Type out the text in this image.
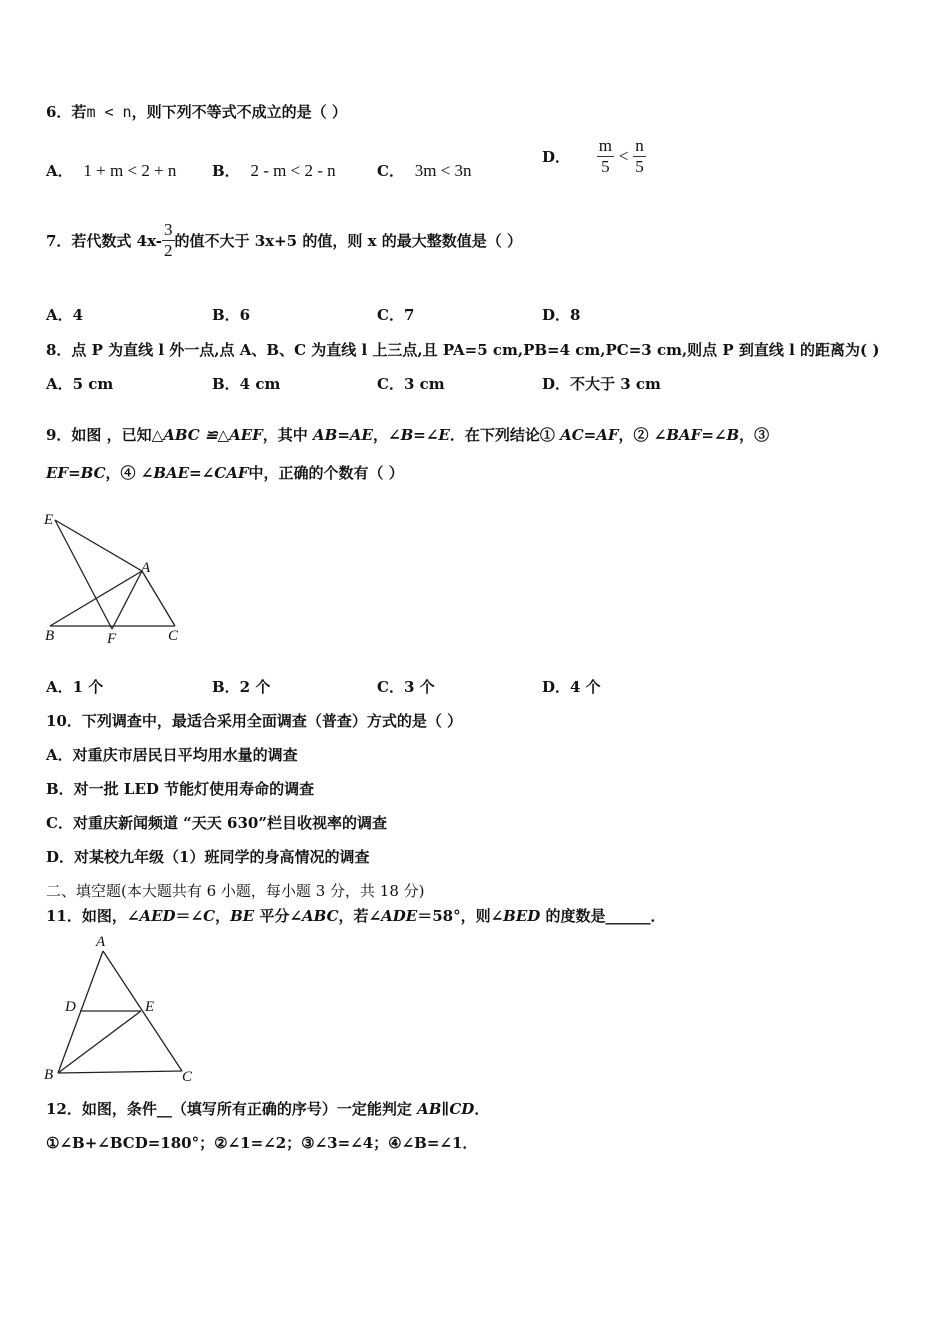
6．若m < n，则下列不等式不成立的是（ ）
A． 1 + m < 2 + n B． 2 - m < 2 - n	C． 3m < 3n
D． $\frac{m}{5} < \frac{n}{5}$
7．若代数式 $4x- \frac{3}{2}$ 的值不大于 3x+5 的值，则 x 的最大整数值是（ ）
A．4	B．6	C．7	D．8
8．点 P 为直线 l 外一点,点 A、B、C 为直线 l 上三点,且 PA=5 cm,PB=4 cm,PC=3 cm,则点 P 到直线 l 的距离为( )
A．5 cm	B．4 cm	C．3 cm	D．不大于 3 cm
9．如图 ，已知△ABC ≌△AEF，其中 AB=AE，∠B=∠E．在下列结论① AC=AF，② ∠BAF=∠B，③
EF=BC，④ ∠BAE=∠CAF中，正确的个数有（ ）
E
A
B	F	C
A．1 个	B．2 个	C．3 个	D．4 个
10．下列调查中，最适合采用全面调查（普查）方式的是（ ）
A．对重庆市居民日平均用水量的调查
B．对一批 LED 节能灯使用寿命的调查
C．对重庆新闻频道 “天天 630”栏目收视率的调查
D．对某校九年级（1）班同学的身高情况的调查
二、填空题(本大题共有 6 小题，每小题 3 分，共 18 分)
11．如图，∠AED＝∠C，BE 平分∠ABC，若∠ADE＝58°，则∠BED 的度数是______．
A
D	E
B	C
12．如图，条件__（填写所有正确的序号）一定能判定 AB∥CD．
①∠B+∠BCD=180°；②∠1=∠2；③∠3=∠4；④∠B=∠1．
